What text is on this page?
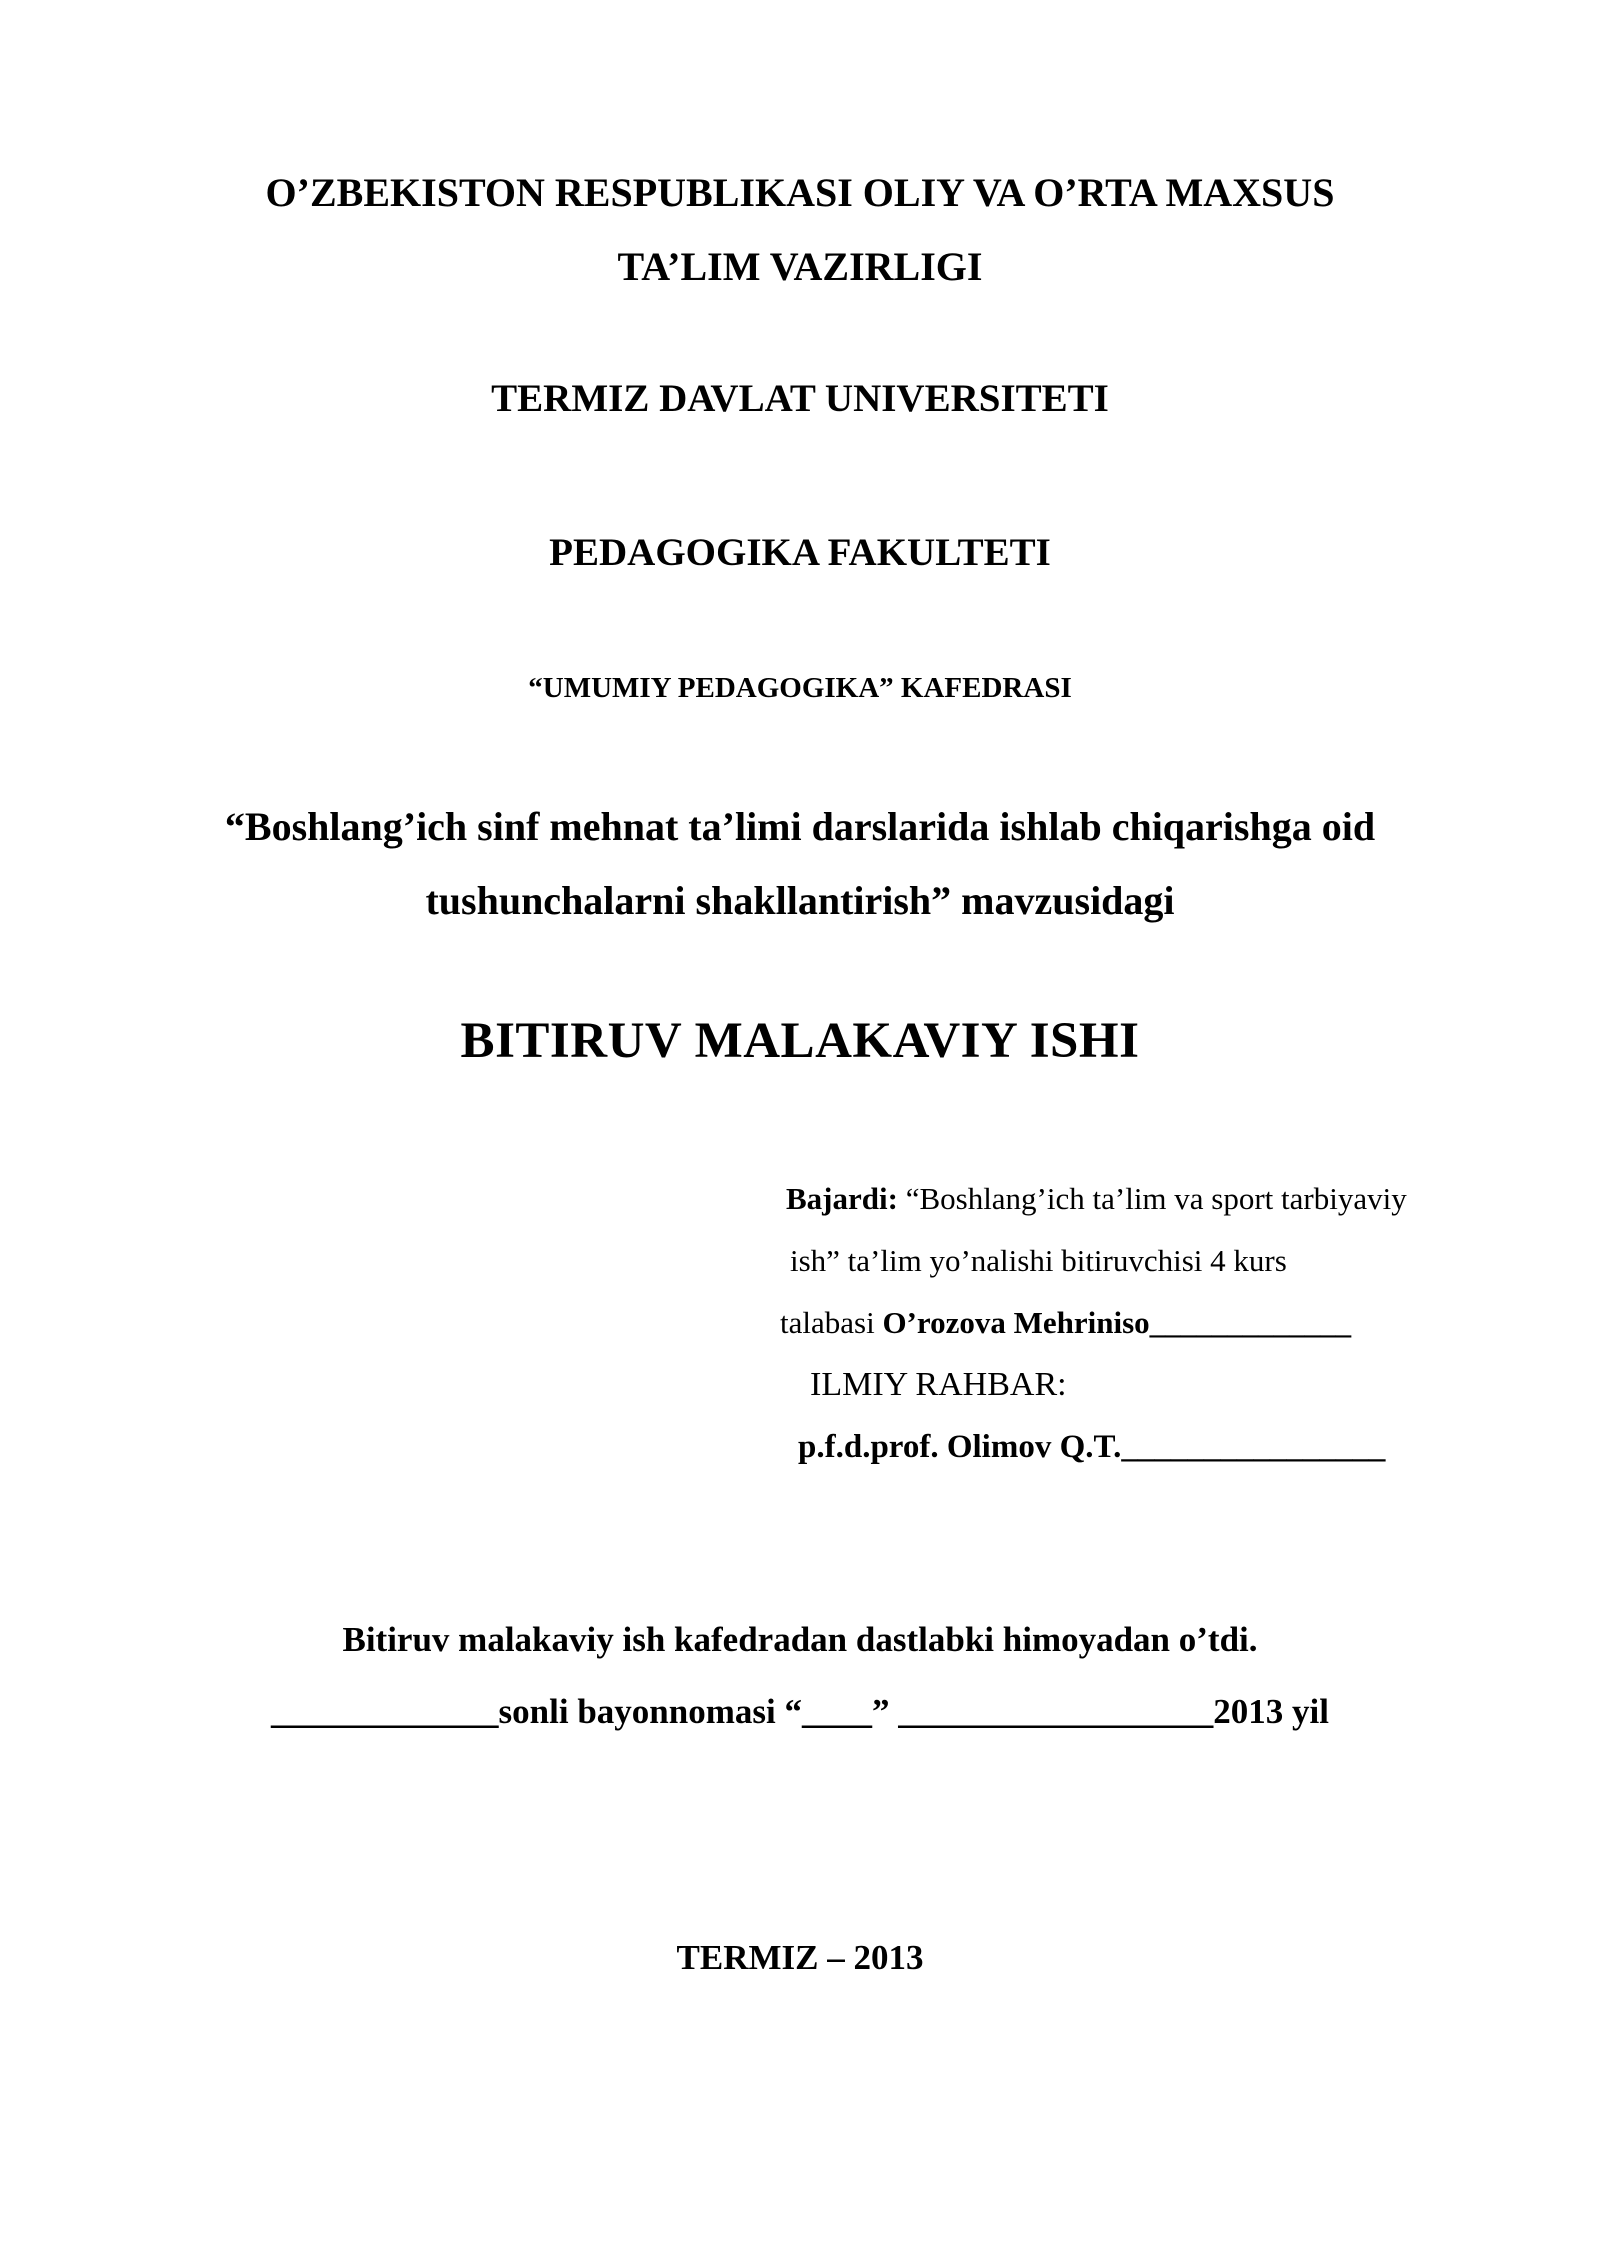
O’ZBEKISTON RESPUBLIKASI OLIY VA O’RTA MAXSUS
TA’LIM VAZIRLIGI
TERMIZ DAVLAT UNIVERSITETI
PEDAGOGIKA FAKULTETI
“UMUMIY PEDAGOGIKA” KAFEDRASI
“Boshlang’ich sinf mehnat ta’limi darslarida ishlab chiqarishga oid
tushunchalarni shakllantirish” mavzusidagi
BITIRUV MALAKAVIY ISHI
Bajardi: “Boshlang’ich ta’lim va sport tarbiyaviy
ish” ta’lim yo’nalishi bitiruvchisi 4 kurs
talabasi O’rozova Mehriniso_____________
ILMIY RAHBAR:
p.f.d.prof. Olimov Q.T.________________
Bitiruv malakaviy ish kafedradan dastlabki himoyadan o’tdi.
_____________sonli bayonnomasi “____” __________________2013 yil
TERMIZ – 2013
